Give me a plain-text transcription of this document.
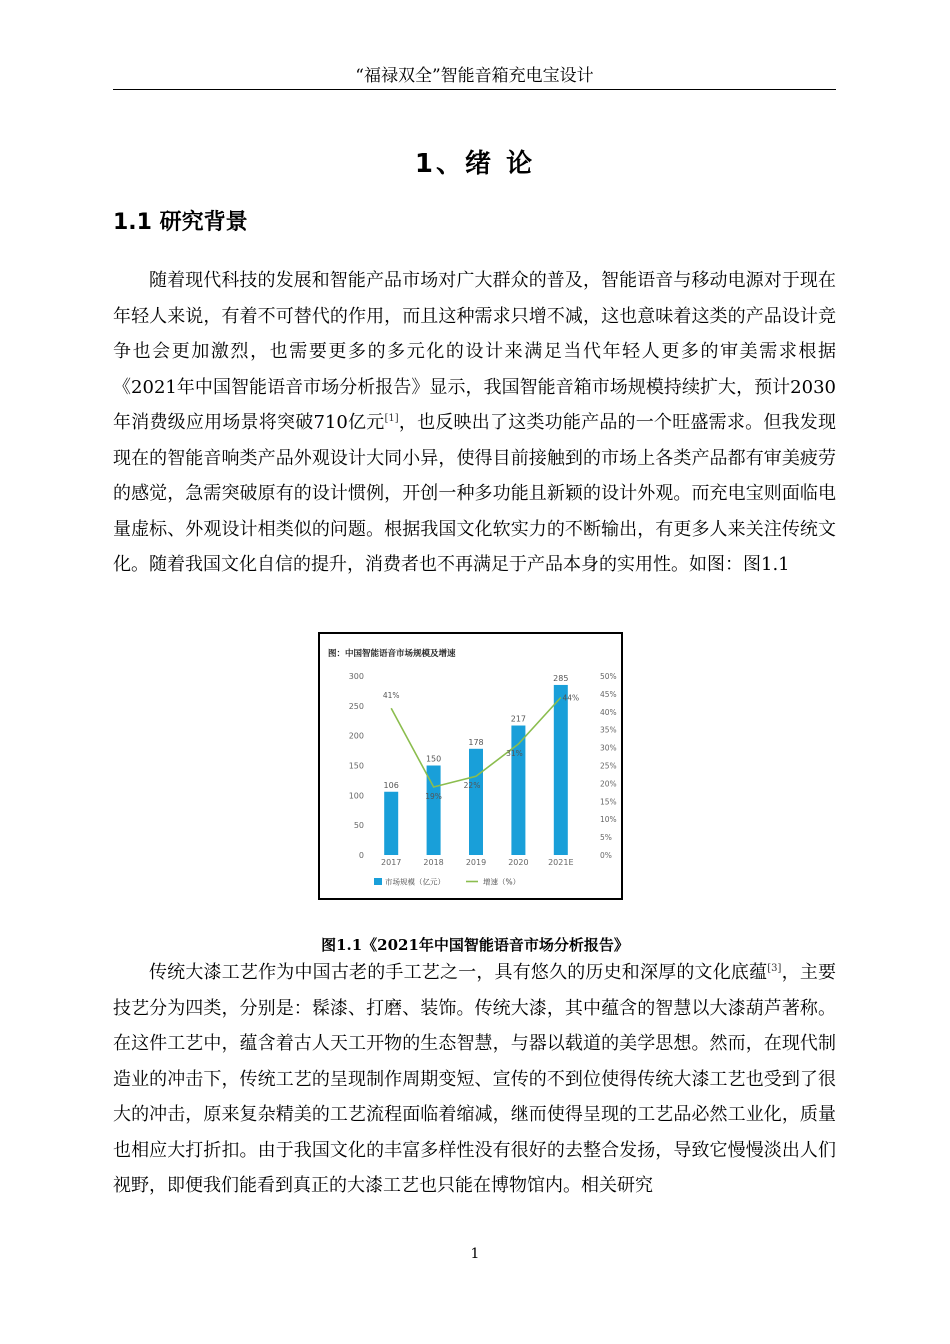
“福禄双全”智能音箱充电宝设计
1、绪 论
1.1 研究背景

随着现代科技的发展和智能产品市场对广大群众的普及，智能语音与移动电源对于现在年轻人来说，有着不可替代的作用，而且这种需求只增不减，这也意味着这类的产品设计竞争也会更加激烈，也需要更多的多元化的设计来满足当代年轻人更多的审美需求根据《2021年中国智能语音市场分析报告》显示，我国智能音箱市场规模持续扩大，预计2030年消费级应用场景将突破710亿元[1]，也反映出了这类功能产品的一个旺盛需求。但我发现现在的智能音响类产品外观设计大同小异，使得目前接触到的市场上各类产品都有审美疲劳的感觉，急需突破原有的设计惯例，开创一种多功能且新颖的设计外观。而充电宝则面临电量虚标、外观设计相类似的问题。根据我国文化软实力的不断输出，有更多人来关注传统文化。随着我国文化自信的提升，消费者也不再满足于产品本身的实用性。如图：图1.1

图：中国智能语音市场规模及增速
0
50
100
150
200
250
300
0%
5%
10%
15%
20%
25%
30%
35%
40%
45%
50%
106
2017
150
2018
178
2019
217
2020
285
2021E
41%
19%
22%
31%
44%
市场规模（亿元）	增速（%）
图1.1《2021年中国智能语音市场分析报告》

传统大漆工艺作为中国古老的手工艺之一，具有悠久的历史和深厚的文化底蕴[3]，主要技艺分为四类，分别是：髹漆、打磨、装饰。传统大漆，其中蕴含的智慧以大漆葫芦著称。在这件工艺中，蕴含着古人天工开物的生态智慧，与器以载道的美学思想。然而，在现代制造业的冲击下，传统工艺的呈现制作周期变短、宣传的不到位使得传统大漆工艺也受到了很大的冲击，原来复杂精美的工艺流程面临着缩减，继而使得呈现的工艺品必然工业化，质量也相应大打折扣。由于我国文化的丰富多样性没有很好的去整合发扬，导致它慢慢淡出人们视野，即便我们能看到真正的大漆工艺也只能在博物馆内。相关研究

1
